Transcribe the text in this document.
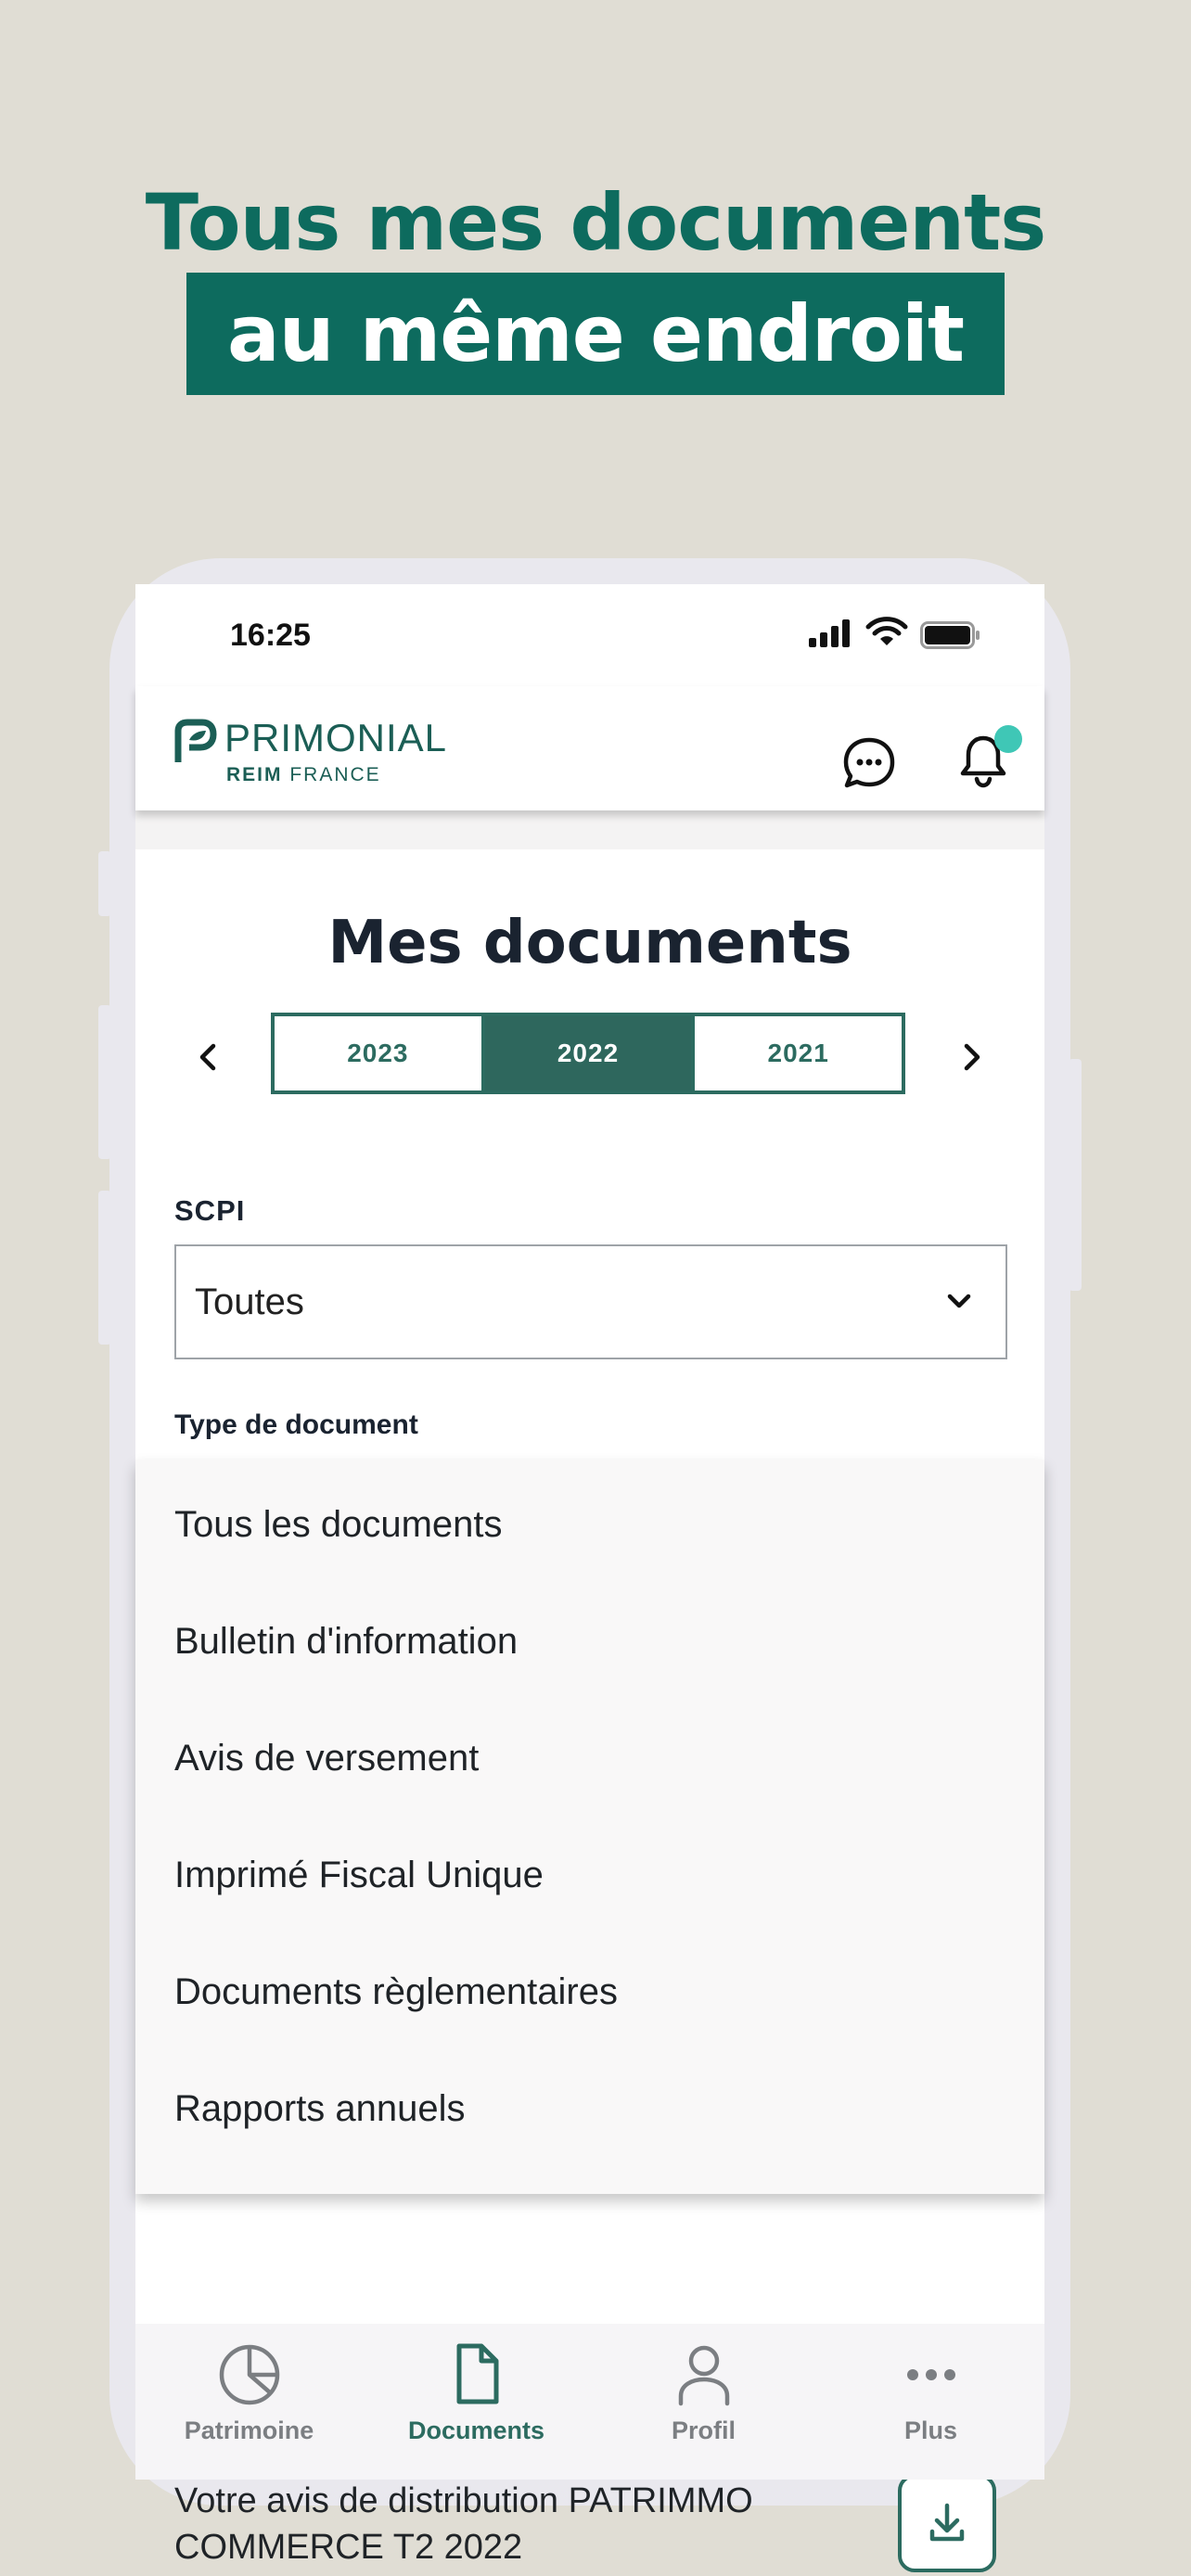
Tous mes documents
au même endroit
16:25
PRIMONIAL
REIM FRANCE
Mes documents
2023	2022	2021
SCPI
Toutes
Type de document
Votre avis de distribution PATRIMMO COMMERCE T2 2022
Tous les documents
Bulletin d'information
Avis de versement
Imprimé Fiscal Unique
Documents règlementaires
Rapports annuels
Patrimoine	Documents	Profil	Plus
